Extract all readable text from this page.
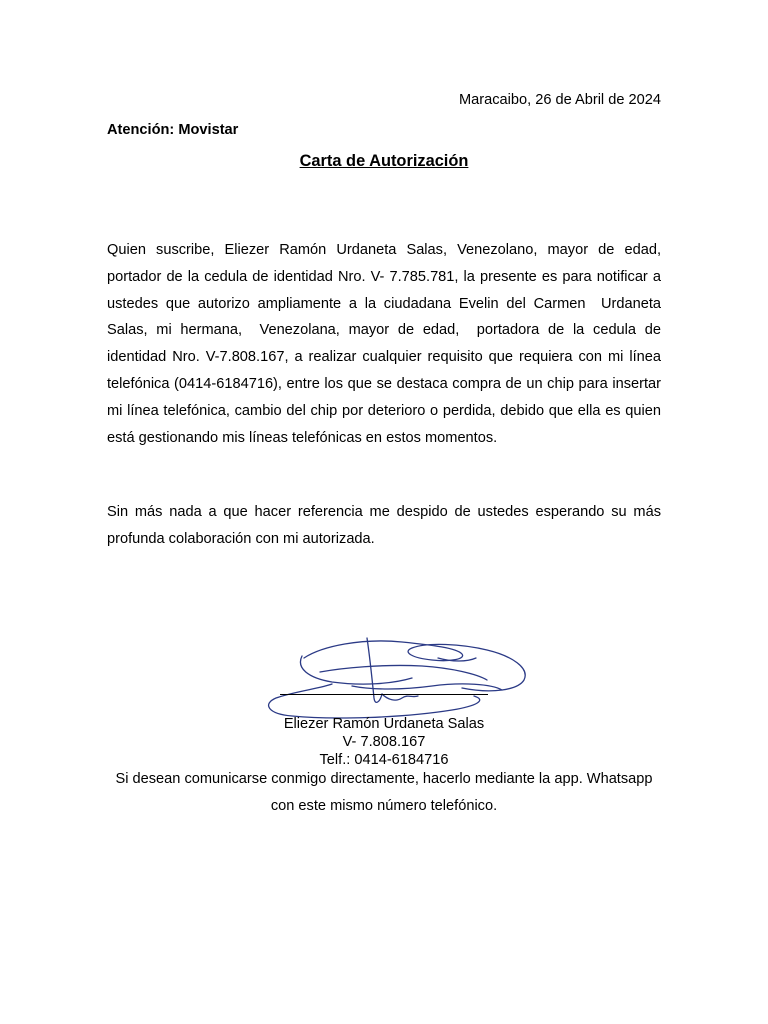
Maracaibo, 26 de Abril de 2024
Atención: Movistar
Carta de Autorización

Quien suscribe, Eliezer Ramón Urdaneta Salas, Venezolano, mayor de edad, portador de la cedula de identidad Nro. V- 7.785.781, la presente es para notificar a ustedes que autorizo ampliamente a la ciudadana Evelin del Carmen  Urdaneta Salas, mi hermana,  Venezolana, mayor de edad,  portadora de la cedula de identidad Nro. V-7.808.167, a realizar cualquier requisito que requiera con mi línea telefónica (0414-6184716), entre los que se destaca compra de un chip para insertar mi línea telefónica, cambio del chip por deterioro o perdida, debido que ella es quien está gestionando mis líneas telefónicas en estos momentos.

Sin más nada a que hacer referencia me despido de ustedes esperando su más profunda colaboración con mi autorizada.

Eliezer Ramón Urdaneta Salas
V- 7.808.167
Telf.: 0414-6184716

Si desean comunicarse conmigo directamente, hacerlo mediante la app. Whatsapp con este mismo número telefónico.
